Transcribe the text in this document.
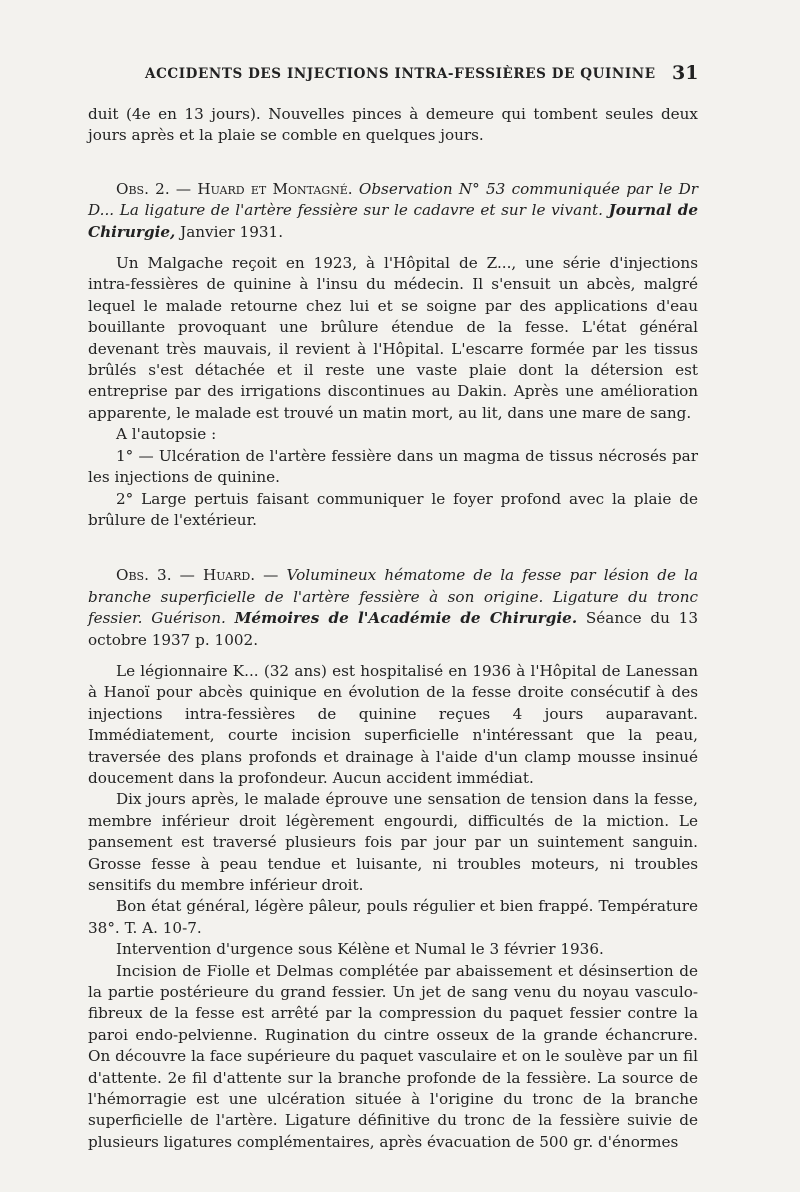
ACCIDENTS DES INJECTIONS INTRA-FESSIÈRES DE QUININE 31

duit (4e en 13 jours). Nouvelles pinces à demeure qui tombent seules deux jours après et la plaie se comble en quelques jours.

Obs. 2. — Huard et Montagné. Observation N° 53 communiquée par le Dr D... La ligature de l'artère fessière sur le cadavre et sur le vivant. Journal de Chirurgie, Janvier 1931.

Un Malgache reçoit en 1923, à l'Hôpital de Z..., une série d'injections intra-fessières de quinine à l'insu du médecin. Il s'ensuit un abcès, malgré lequel le malade retourne chez lui et se soigne par des applications d'eau bouillante provoquant une brûlure étendue de la fesse. L'état général devenant très mauvais, il revient à l'Hôpital. L'escarre formée par les tissus brûlés s'est détachée et il reste une vaste plaie dont la détersion est entreprise par des irrigations discontinues au Dakin. Après une amélioration apparente, le malade est trouvé un matin mort, au lit, dans une mare de sang.

A l'autopsie :

1° — Ulcération de l'artère fessière dans un magma de tissus nécrosés par les injections de quinine.

2° Large pertuis faisant communiquer le foyer profond avec la plaie de brûlure de l'extérieur.

Obs. 3. — Huard. — Volumineux hématome de la fesse par lésion de la branche superficielle de l'artère fessière à son origine. Ligature du tronc fessier. Guérison. Mémoires de l'Académie de Chirurgie. Séance du 13 octobre 1937 p. 1002.

Le légionnaire K... (32 ans) est hospitalisé en 1936 à l'Hôpital de Lanessan à Hanoï pour abcès quinique en évolution de la fesse droite consécutif à des injections intra-fessières de quinine reçues 4 jours auparavant. Immédiatement, courte incision superficielle n'intéressant que la peau, traversée des plans profonds et drainage à l'aide d'un clamp mousse insinué doucement dans la profondeur. Aucun accident immédiat.

Dix jours après, le malade éprouve une sensation de tension dans la fesse, membre inférieur droit légèrement engourdi, difficultés de la miction. Le pansement est traversé plusieurs fois par jour par un suintement sanguin. Grosse fesse à peau tendue et luisante, ni troubles moteurs, ni troubles sensitifs du membre inférieur droit.

Bon état général, légère pâleur, pouls régulier et bien frappé. Température 38°. T. A. 10-7.

Intervention d'urgence sous Kélène et Numal le 3 février 1936.

Incision de Fiolle et Delmas complétée par abaissement et désinsertion de la partie postérieure du grand fessier. Un jet de sang venu du noyau vasculo-fibreux de la fesse est arrêté par la compression du paquet fessier contre la paroi endo-pelvienne. Rugination du cintre osseux de la grande échancrure. On découvre la face supérieure du paquet vasculaire et on le soulève par un fil d'attente. 2e fil d'attente sur la branche profonde de la fessière. La source de l'hémorragie est une ulcération située à l'origine du tronc de la branche superficielle de l'artère. Ligature définitive du tronc de la fessière suivie de plusieurs ligatures complémentaires, après évacuation de 500 gr. d'énormes
